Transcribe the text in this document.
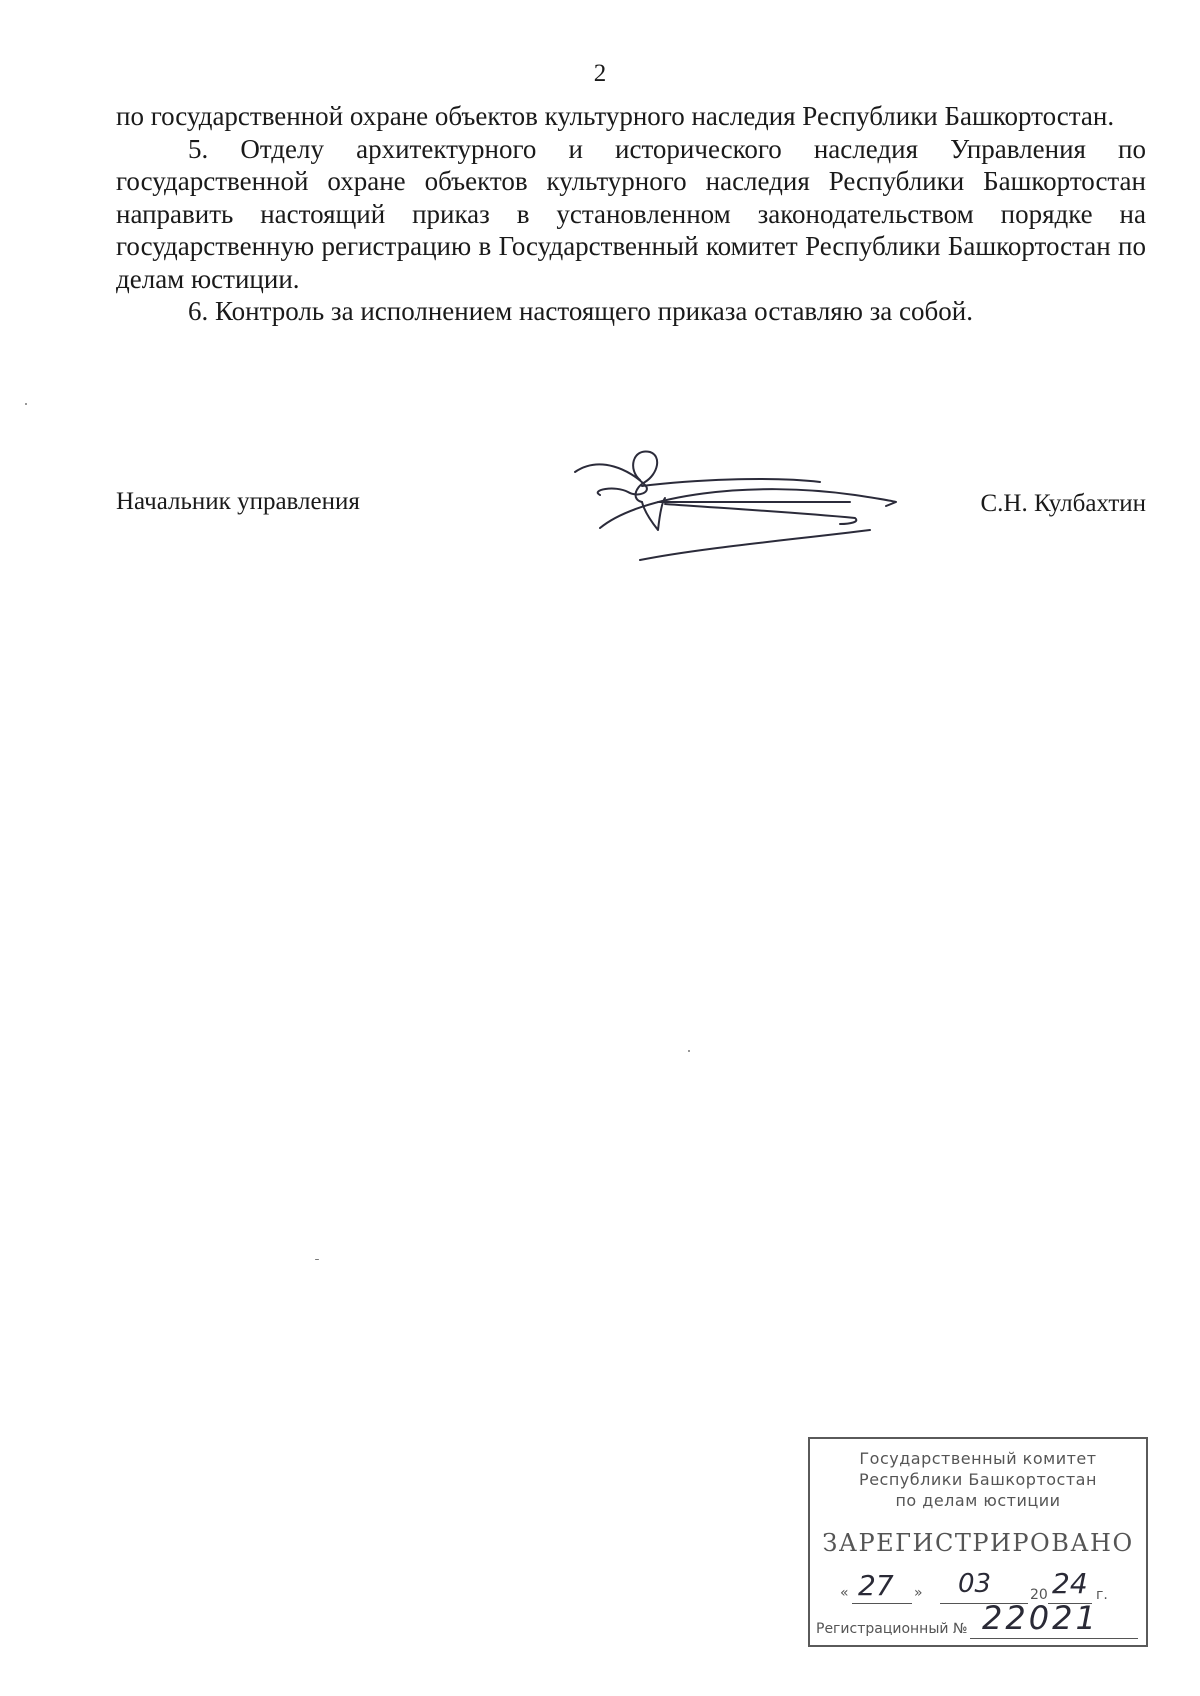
2

по государственной охране объектов культурного наследия Республики Башкортостан.

5. Отделу архитектурного и исторического наследия Управления по государственной охране объектов культурного наследия Республики Башкортостан направить настоящий приказ в установленном законодательством порядке на государственную регистрацию в Государственный комитет Республики Башкортостан по делам юстиции.

6. Контроль за исполнением настоящего приказа оставляю за собой.

Начальник управления	С.Н. Кулбахтин
Государственный комитет
Республики Башкортостан
по делам юстиции
ЗАРЕГИСТРИРОВАНО
« 27 » 03	20 24 г.
Регистрационный № 22021
